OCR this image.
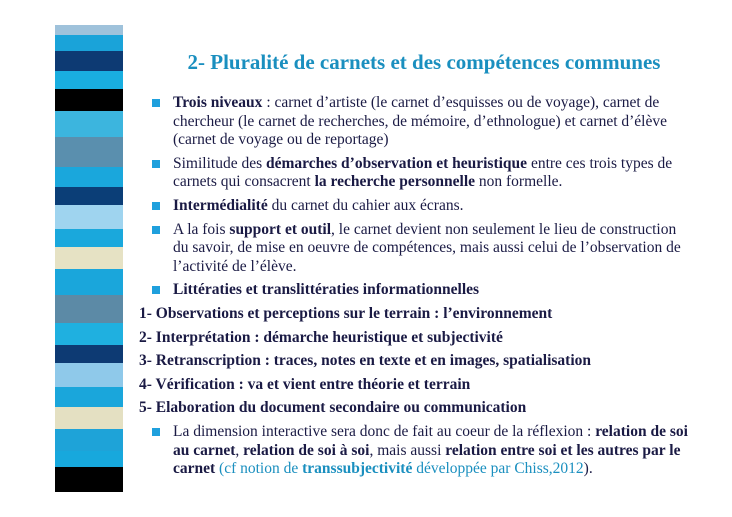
2- Pluralité de carnets et des compétences communes
Trois niveaux : carnet d’artiste (le carnet d’esquisses ou de voyage), carnet de chercheur (le carnet de recherches, de mémoire, d’ethnologue) et carnet d’élève (carnet de voyage ou de reportage)
Similitude des démarches d’observation et heuristique entre ces trois types de carnets qui consacrent la recherche personnelle non formelle.
Intermédialité du carnet du cahier aux écrans.
A la fois support et outil, le carnet devient non seulement le lieu de construction du savoir, de mise en oeuvre de compétences, mais aussi celui de l’observation de l’activité de l’élève.
Littératies et translittératies informationnelles
1- Observations et perceptions sur le terrain : l’environnement
2- Interprétation : démarche heuristique et subjectivité
3- Retranscription : traces, notes en texte et en images, spatialisation
4- Vérification : va et vient entre théorie et terrain
5- Elaboration du document secondaire ou communication
La dimension interactive sera donc de fait au coeur de la réflexion : relation de soi au carnet, relation de soi à soi, mais aussi relation entre soi et les autres par le carnet (cf notion de transsubjectivité développée par Chiss,2012).
